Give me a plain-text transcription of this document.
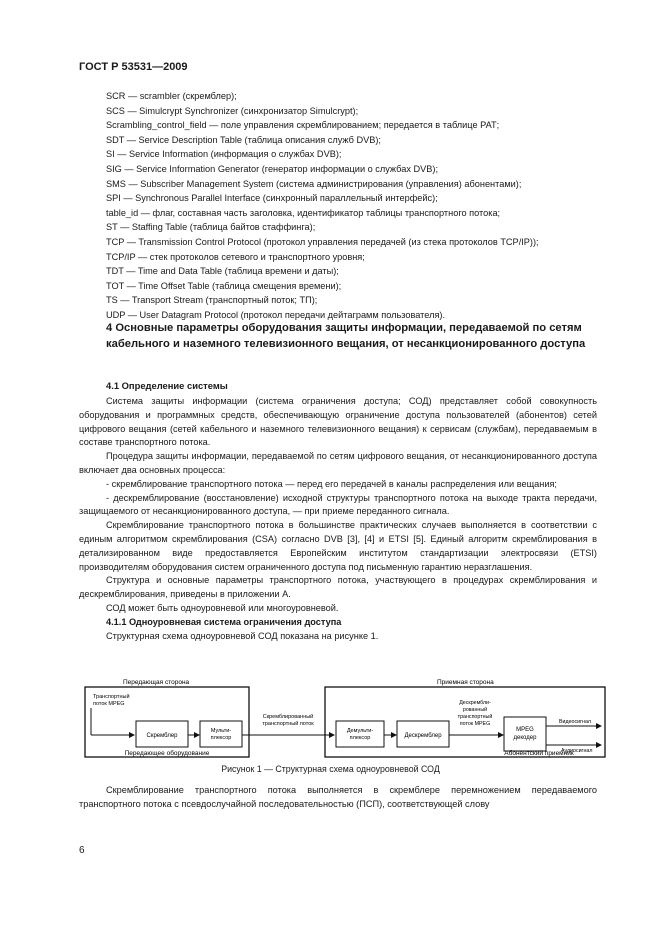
ГОСТ Р 53531—2009
SCR — scrambler (скремблер);
SCS — Simulcrypt Synchronizer (синхронизатор Simulcrypt);
Scrambling_control_field — поле управления скремблированием; передается в таблице РАТ;
SDT — Service Description Table (таблица описания служб DVB);
SI — Service Information (информация о службах DVB);
SIG — Service Information Generator (генератор информации о службах DVB);
SMS — Subscriber Management System (система администрирования (управления) абонентами);
SPI — Synchronous Parallel Interface (синхронный параллельный интерфейс);
table_id — флаг, составная часть заголовка, идентификатор таблицы транспортного потока;
ST — Staffing Table (таблица байтов стаффинга);
TCP — Transmission Control Protocol (протокол управления передачей (из стека протоколов TCP/IP));
TCP/IP — стек протоколов сетевого и транспортного уровня;
TDT — Time and Data Table (таблица времени и даты);
TOT — Time Offset Table (таблица смещения времени);
TS — Transport Stream (транспортный поток; ТП);
UDP — User Datagram Protocol (протокол передачи дейтаграмм пользователя).
4 Основные параметры оборудования защиты информации, передаваемой по сетям кабельного и наземного телевизионного вещания, от несанкционированного доступа
4.1 Определение системы

Система защиты информации (система ограничения доступа; СОД) представляет собой совокупность оборудования и программных средств, обеспечивающую ограничение доступа пользователей (абонентов) сетей цифрового вещания (сетей кабельного и наземного телевизионного вещания) к сервисам (службам), передаваемым в составе транспортного потока.

Процедура защиты информации, передаваемой по сетям цифрового вещания, от несанкционированного доступа включает два основных процесса:

- скремблирование транспортного потока — перед его передачей в каналы распределения или вещания;

- дескремблирование (восстановление) исходной структуры транспортного потока на выходе тракта передачи, защищаемого от несанкционированного доступа, — при приеме переданного сигнала.

Скремблирование транспортного потока в большинстве практических случаев выполняется в соответствии с единым алгоритмом скремблирования (CSA) согласно DVB [3], [4] и ETSI [5]. Единый алгоритм скремблирования в детализированном виде предоставляется Европейским институтом стандартизации электросвязи (ETSI) производителям оборудования систем ограниченного доступа под письменную гарантию неразглашения.

Структура и основные параметры транспортного потока, участвующего в процедурах скремблирования и дескремблирования, приведены в приложении А.

СОД может быть одноуровневой или многоуровневой.

4.1.1 Одноуровневая система ограничения доступа

Структурная схема одноуровневой СОД показана на рисунке 1.

Передающая сторона
Транспортный
поток MPEG
Скремблер
Мульти-
плексор
Передающее оборудование
Скремблированный
транспортный поток
Приемная сторона
Демульти-
плексор	Дескремблер
Дескрембли-
рованный
транспортный
поток MPEG
MPEG
декодер
Видеосигнал
Аудиосигнал
Абонентский приемник
Рисунок 1 — Структурная схема одноуровневой СОД

Скремблирование транспортного потока выполняется в скремблере перемножением передаваемого транспортного потока с псевдослучайной последовательностью (ПСП), соответствующей слову

6
